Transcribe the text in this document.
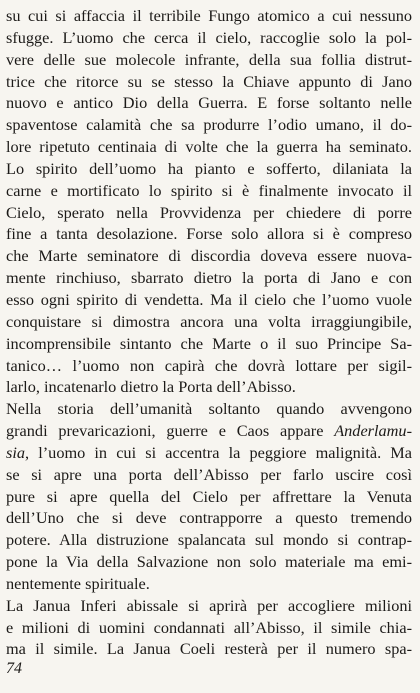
su cui si affaccia il terribile Fungo atomico a cui nessuno
sfugge. L’uomo che cerca il cielo, raccoglie solo la pol-
vere delle sue molecole infrante, della sua follia distrut-
trice che ritorce su se stesso la Chiave appunto di Jano
nuovo e antico Dio della Guerra. E forse soltanto nelle
spaventose calamità che sa produrre l’odio umano, il do-
lore ripetuto centinaia di volte che la guerra ha seminato.
Lo spirito dell’uomo ha pianto e sofferto, dilaniata la
carne e mortificato lo spirito si è finalmente invocato il
Cielo, sperato nella Provvidenza per chiedere di porre
fine a tanta desolazione. Forse solo allora si è compreso
che Marte seminatore di discordia doveva essere nuova-
mente rinchiuso, sbarrato dietro la porta di Jano e con
esso ogni spirito di vendetta. Ma il cielo che l’uomo vuole
conquistare si dimostra ancora una volta irraggiungibile,
incomprensibile sintanto che Marte o il suo Principe Sa-
tanico… l’uomo non capirà che dovrà lottare per sigil-
larlo, incatenarlo dietro la Porta dell’Abisso.
Nella storia dell’umanità soltanto quando avvengono
grandi prevaricazioni, guerre e Caos appare Anderlamu-
sia, l’uomo in cui si accentra la peggiore malignità. Ma
se si apre una porta dell’Abisso per farlo uscire così
pure si apre quella del Cielo per affrettare la Venuta
dell’Uno che si deve contrapporre a questo tremendo
potere. Alla distruzione spalancata sul mondo si contrap-
pone la Via della Salvazione non solo materiale ma emi-
nentemente spirituale.
La Janua Inferi abissale si aprirà per accogliere milioni
e milioni di uomini condannati all’Abisso, il simile chia-
ma il simile. La Janua Coeli resterà per il numero spa-
74
